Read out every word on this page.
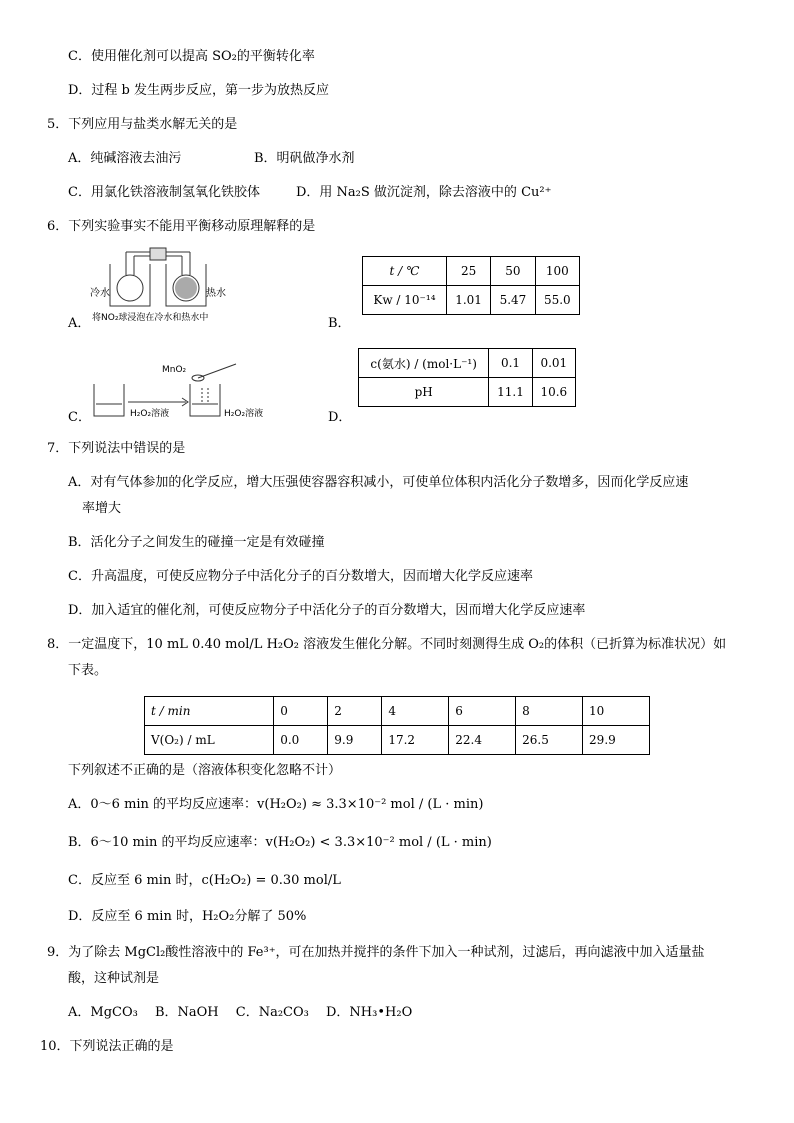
C．使用催化剂可以提高 SO₂的平衡转化率
D．过程 b 发生两步反应，第一步为放热反应
5．下列应用与盐类水解无关的是
A．纯碱溶液去油污	B．明矾做净水剂
C．用氯化铁溶液制氢氧化铁胶体	D．用 Na₂S 做沉淀剂，除去溶液中的 Cu²⁺
6．下列实验事实不能用平衡移动原理解释的是
A．
冷水	热水
将NO₂球浸泡在冷水和热水中	B．
t / ℃	25	50	100
Kw / 10⁻¹⁴	1.01	5.47	55.0
C．
MnO₂
H₂O₂溶液	H₂O₂溶液	D．
c(氨水) / (mol·L⁻¹)	0.1	0.01
pH	11.1	10.6
7．下列说法中错误的是
A．对有气体参加的化学反应，增大压强使容器容积减小，可使单位体积内活化分子数增多，因而化学反应速
率增大
B．活化分子之间发生的碰撞一定是有效碰撞
C．升高温度，可使反应物分子中活化分子的百分数增大，因而增大化学反应速率
D．加入适宜的催化剂，可使反应物分子中活化分子的百分数增大，因而增大化学反应速率
8．一定温度下，10 mL 0.40 mol/L H₂O₂ 溶液发生催化分解。不同时刻测得生成 O₂的体积（已折算为标准状况）如
下表。
t / min	0	2	4	6	8	10
V(O₂) / mL	0.0	9.9	17.2	22.4	26.5	29.9
下列叙述不正确的是（溶液体积变化忽略不计）
A．0～6 min 的平均反应速率：v(H₂O₂) ≈ 3.3×10⁻² mol / (L · min)
B．6～10 min 的平均反应速率：v(H₂O₂) < 3.3×10⁻² mol / (L · min)
C．反应至 6 min 时，c(H₂O₂) = 0.30 mol/L
D．反应至 6 min 时，H₂O₂分解了 50%
9．为了除去 MgCl₂酸性溶液中的 Fe³⁺，可在加热并搅拌的条件下加入一种试剂，过滤后，再向滤液中加入适量盐
酸，这种试剂是
A．MgCO₃　 B．NaOH　 C．Na₂CO₃　 D．NH₃•H₂O
10．下列说法正确的是
